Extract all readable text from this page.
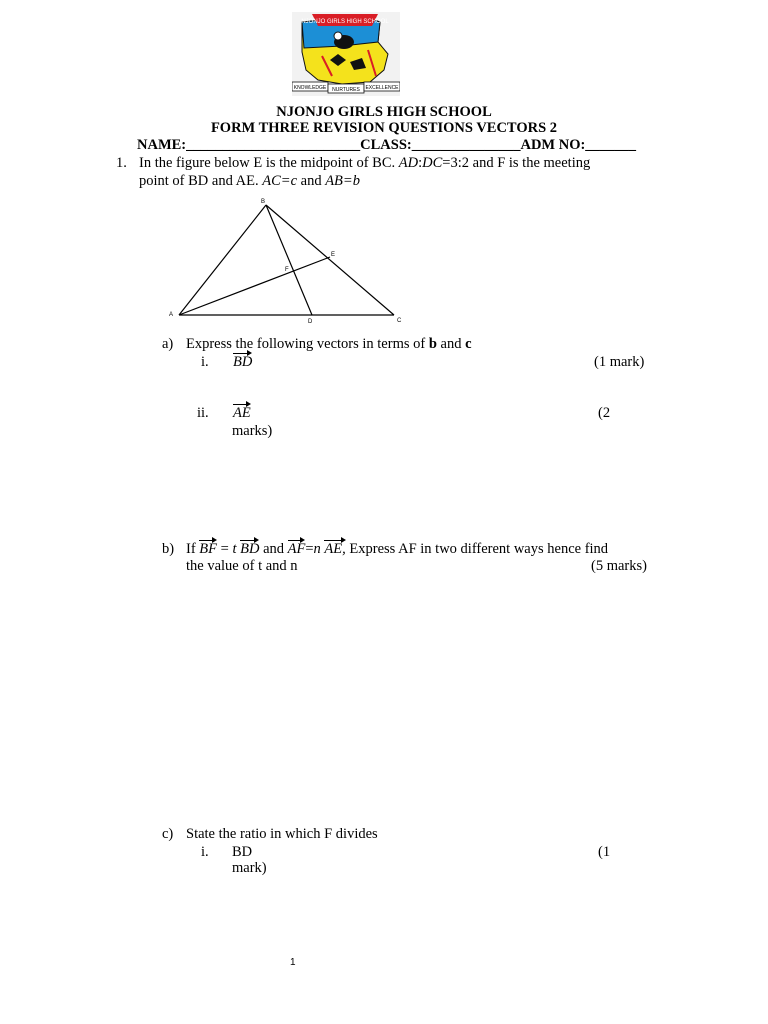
NJONJO GIRLS HIGH SCHOOL
KNOWLEDGE NURTURES EXCELLENCE
NJONJO GIRLS HIGH SCHOOL
FORM THREE REVISION QUESTIONS VECTORS 2
NAME:________________________CLASS:_______________ADM NO:_______
1. In the figure below E is the midpoint of BC. AD:DC=3:2 and F is the meeting
point of BD and AE. AC=c and AB=b
A
B
C
D
E
F
a) Express the following vectors in terms of b and c
i. BD	(1 mark)
ii. AE	(2
marks)
b) If BF = t BD and AF=n AE, Express AF in two different ways hence find
the value of t and n	(5 marks)
c) State the ratio in which F divides
i. BD	(1
mark)
1
